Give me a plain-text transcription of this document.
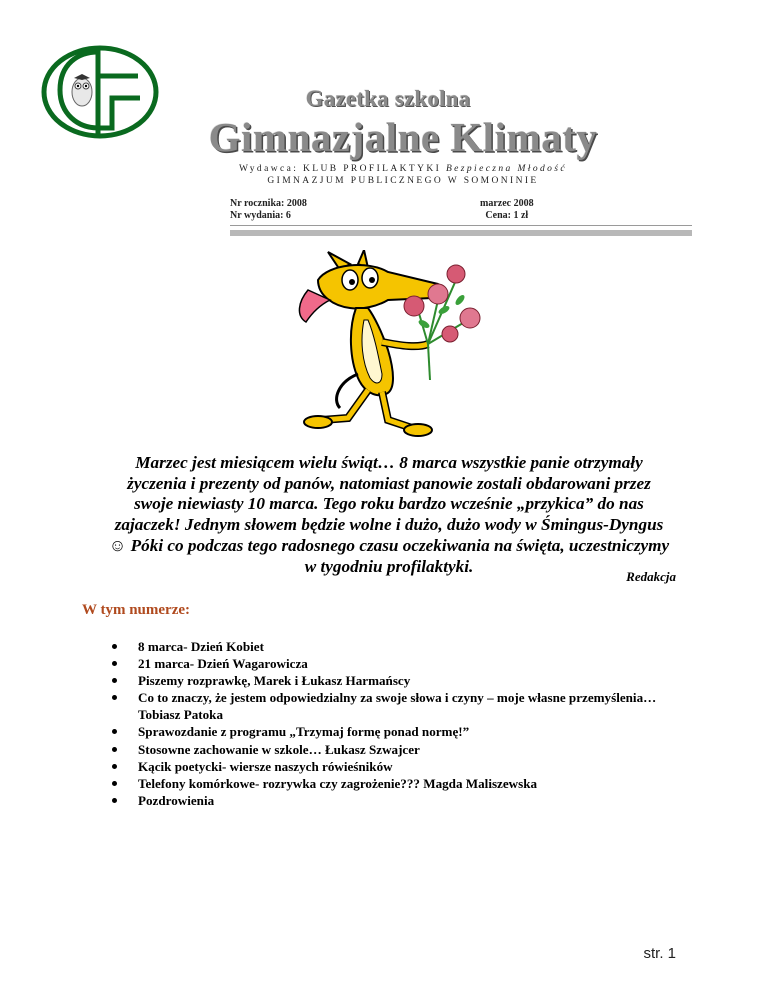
Gazetka szkolna
Gimnazjalne Klimaty
Wydawca: KLUB PROFILAKTYKI Bezpieczna Młodość
GIMNAZJUM PUBLICZNEGO W SOMONINIE
Nr rocznika: 2008
Nr wydania: 6
marzec 2008
Cena: 1 zł
Marzec jest miesiącem wielu świąt… 8 marca wszystkie panie otrzymały życzenia i prezenty od panów, natomiast panowie zostali obdarowani przez swoje niewiasty 10 marca. Tego roku bardzo wcześnie „przykica” do nas zajaczek! Jednym słowem będzie wolne i dużo, dużo wody w Śmingus-Dyngus☺ Póki co podczas tego radosnego czasu oczekiwania na święta, uczestniczymy w tygodniu profilaktyki.
Redakcja
W tym numerze:
8 marca- Dzień Kobiet
21 marca- Dzień Wagarowicza
Piszemy rozprawkę, Marek i Łukasz Harmańscy
Co to znaczy, że jestem odpowiedzialny za swoje słowa i czyny – moje własne przemyślenia… Tobiasz Patoka
Sprawozdanie z programu „Trzymaj formę ponad normę!”
Stosowne zachowanie w szkole… Łukasz Szwajcer
Kącik poetycki- wiersze naszych rówieśników
Telefony komórkowe- rozrywka czy zagrożenie??? Magda Maliszewska
Pozdrowienia
str. 1
